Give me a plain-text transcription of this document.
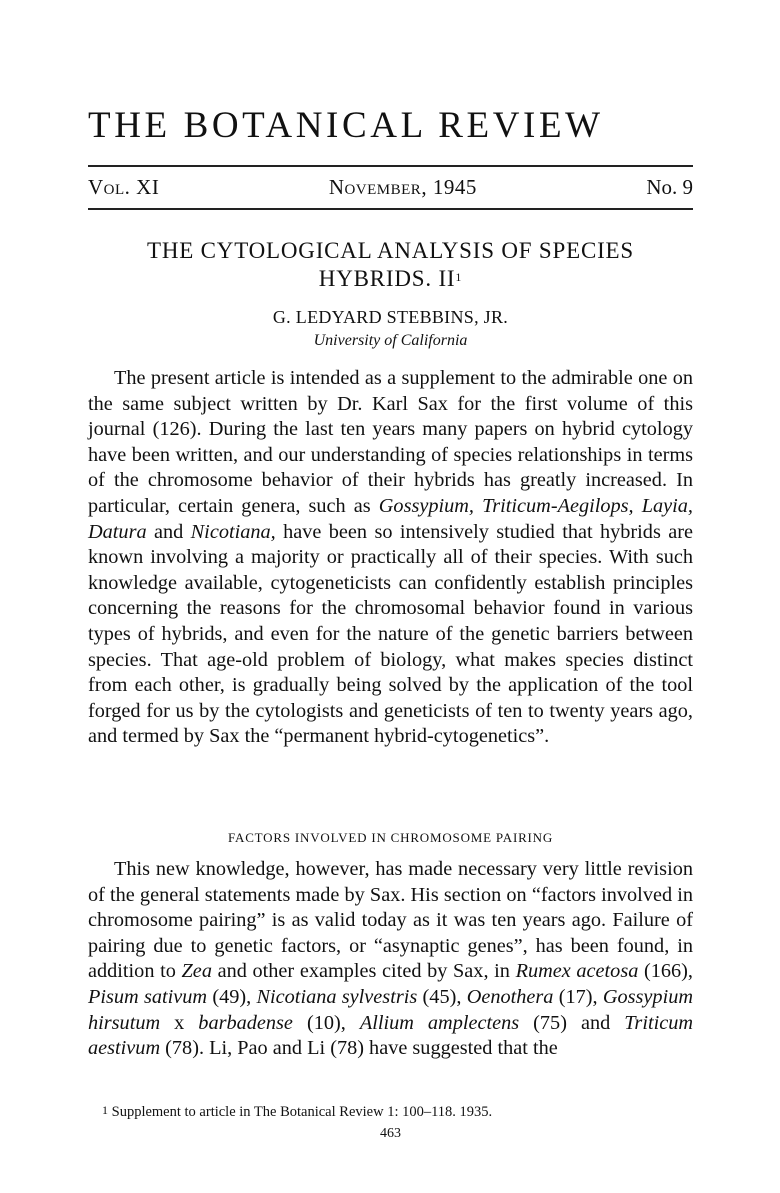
THE BOTANICAL REVIEW
Vol. XI	November, 1945	No. 9
THE CYTOLOGICAL ANALYSIS OF SPECIES
HYBRIDS. $II^1$
G. LEDYARD STEBBINS, JR.
University of California

The present article is intended as a supplement to the admirable one on the same subject written by Dr. Karl Sax for the first volume of this journal (126). During the last ten years many papers on hybrid cytology have been written, and our understanding of species relationships in terms of the chromosome behavior of their hybrids has greatly increased. In particular, certain genera, such as Gossypium, Triticum-Aegilops, Layia, Datura and Nicotiana, have been so intensively studied that hybrids are known involving a majority or practically all of their species. With such knowledge available, cytogeneticists can confidently establish principles concerning the reasons for the chromosomal behavior found in various types of hybrids, and even for the nature of the genetic barriers between species. That age-old problem of biology, what makes species distinct from each other, is gradually being solved by the application of the tool forged for us by the cytologists and geneticists of ten to twenty years ago, and termed by Sax the “permanent hybrid-cytogenetics”.

FACTORS INVOLVED IN CHROMOSOME PAIRING

This new knowledge, however, has made necessary very little revision of the general statements made by Sax. His section on “factors involved in chromosome pairing” is as valid today as it was ten years ago. Failure of pairing due to genetic factors, or “asynaptic genes”, has been found, in addition to Zea and other examples cited by Sax, in Rumex acetosa (166), Pisum sativum (49), Nicotiana sylvestris (45), Oenothera (17), Gossypium hirsutum x barbadense (10), Allium amplectens (75) and Triticum aestivum (78). Li, Pao and Li (78) have suggested that the

$^1$ Supplement to article in The Botanical Review 1: 100–118. 1935.
463
